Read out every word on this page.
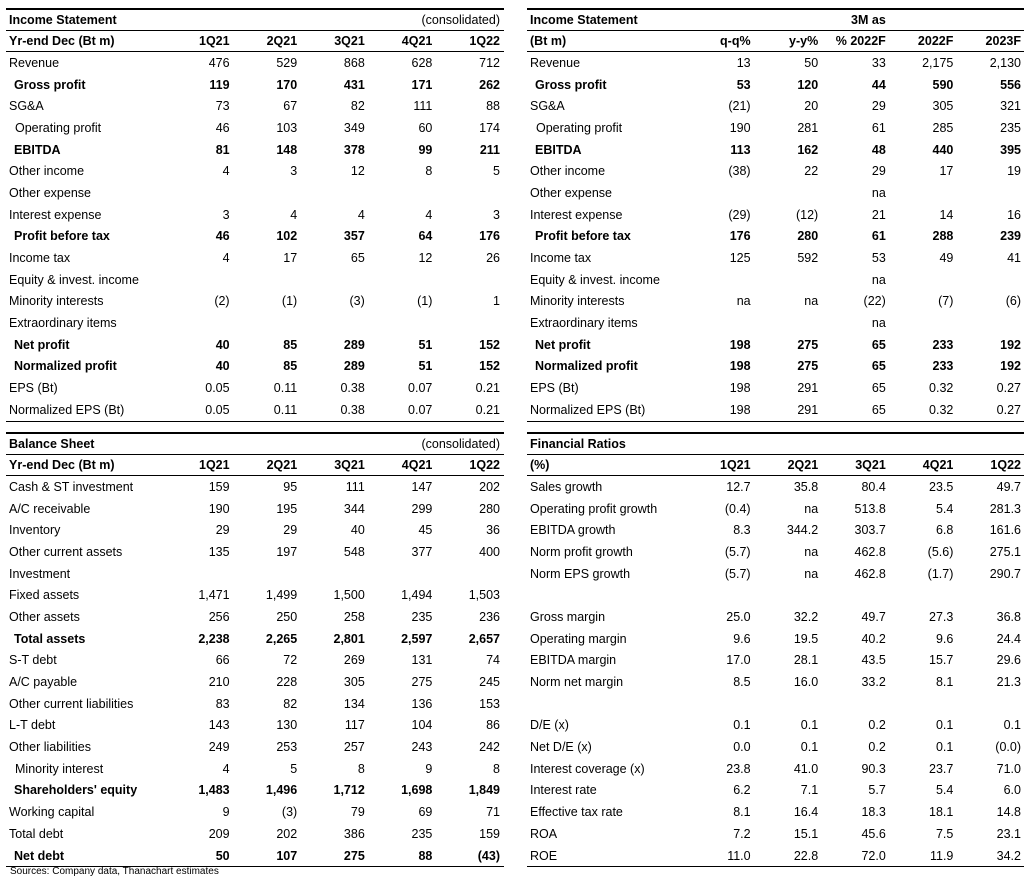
Income Statement			(consolidated)		
Yr-end Dec (Bt m)	1Q21	2Q21	3Q21	4Q21	1Q22
Revenue	476	529	868	628	712
Gross profit	119	170	431	171	262
SG&A	73	67	82	111	88
Operating profit	46	103	349	60	174
EBITDA	81	148	378	99	211
Other income	4	3	12	8	5
Other expense					
Interest expense	3	4	4	4	3
Profit before tax	46	102	357	64	176
Income tax	4	17	65	12	26
Equity & invest. income					
Minority interests	(2)	(1)	(3)	(1)	1
Extraordinary items					
Net profit	40	85	289	51	152
Normalized profit	40	85	289	51	152
EPS (Bt)	0.05	0.11	0.38	0.07	0.21
Normalized EPS (Bt)	0.05	0.11	0.38	0.07	0.21
Income Statement			3M as		
(Bt m)	q-q%	y-y%	% 2022F	2022F	2023F
Revenue	13	50	33	2,175	2,130
Gross profit	53	120	44	590	556
SG&A	(21)	20	29	305	321
Operating profit	190	281	61	285	235
EBITDA	113	162	48	440	395
Other income	(38)	22	29	17	19
Other expense			na		
Interest expense	(29)	(12)	21	14	16
Profit before tax	176	280	61	288	239
Income tax	125	592	53	49	41
Equity & invest. income			na		
Minority interests	na	na	(22)	(7)	(6)
Extraordinary items			na		
Net profit	198	275	65	233	192
Normalized profit	198	275	65	233	192
EPS (Bt)	198	291	65	0.32	0.27
Normalized EPS (Bt)	198	291	65	0.32	0.27
Balance Sheet			(consolidated)		
Yr-end Dec (Bt m)	1Q21	2Q21	3Q21	4Q21	1Q22
Cash & ST investment	159	95	111	147	202
A/C receivable	190	195	344	299	280
Inventory	29	29	40	45	36
Other current assets	135	197	548	377	400
Investment					
Fixed assets	1,471	1,499	1,500	1,494	1,503
Other assets	256	250	258	235	236
Total assets	2,238	2,265	2,801	2,597	2,657
S-T debt	66	72	269	131	74
A/C payable	210	228	305	275	245
Other current liabilities	83	82	134	136	153
L-T debt	143	130	117	104	86
Other liabilities	249	253	257	243	242
Minority interest	4	5	8	9	8
Shareholders' equity	1,483	1,496	1,712	1,698	1,849
Working capital	9	(3)	79	69	71
Total debt	209	202	386	235	159
Net debt	50	107	275	88	(43)
Financial Ratios					
(%)	1Q21	2Q21	3Q21	4Q21	1Q22
Sales growth	12.7	35.8	80.4	23.5	49.7
Operating profit growth	(0.4)	na	513.8	5.4	281.3
EBITDA growth	8.3	344.2	303.7	6.8	161.6
Norm profit growth	(5.7)	na	462.8	(5.6)	275.1
Norm EPS growth	(5.7)	na	462.8	(1.7)	290.7

Gross margin	25.0	32.2	49.7	27.3	36.8
Operating margin	9.6	19.5	40.2	9.6	24.4
EBITDA margin	17.0	28.1	43.5	15.7	29.6
Norm net margin	8.5	16.0	33.2	8.1	21.3

D/E (x)	0.1	0.1	0.2	0.1	0.1
Net D/E (x)	0.0	0.1	0.2	0.1	(0.0)
Interest coverage (x)	23.8	41.0	90.3	23.7	71.0
Interest rate	6.2	7.1	5.7	5.4	6.0
Effective tax rate	8.1	16.4	18.3	18.1	14.8
ROA	7.2	15.1	45.6	7.5	23.1
ROE	11.0	22.8	72.0	11.9	34.2
Sources: Company data, Thanachart estimates
